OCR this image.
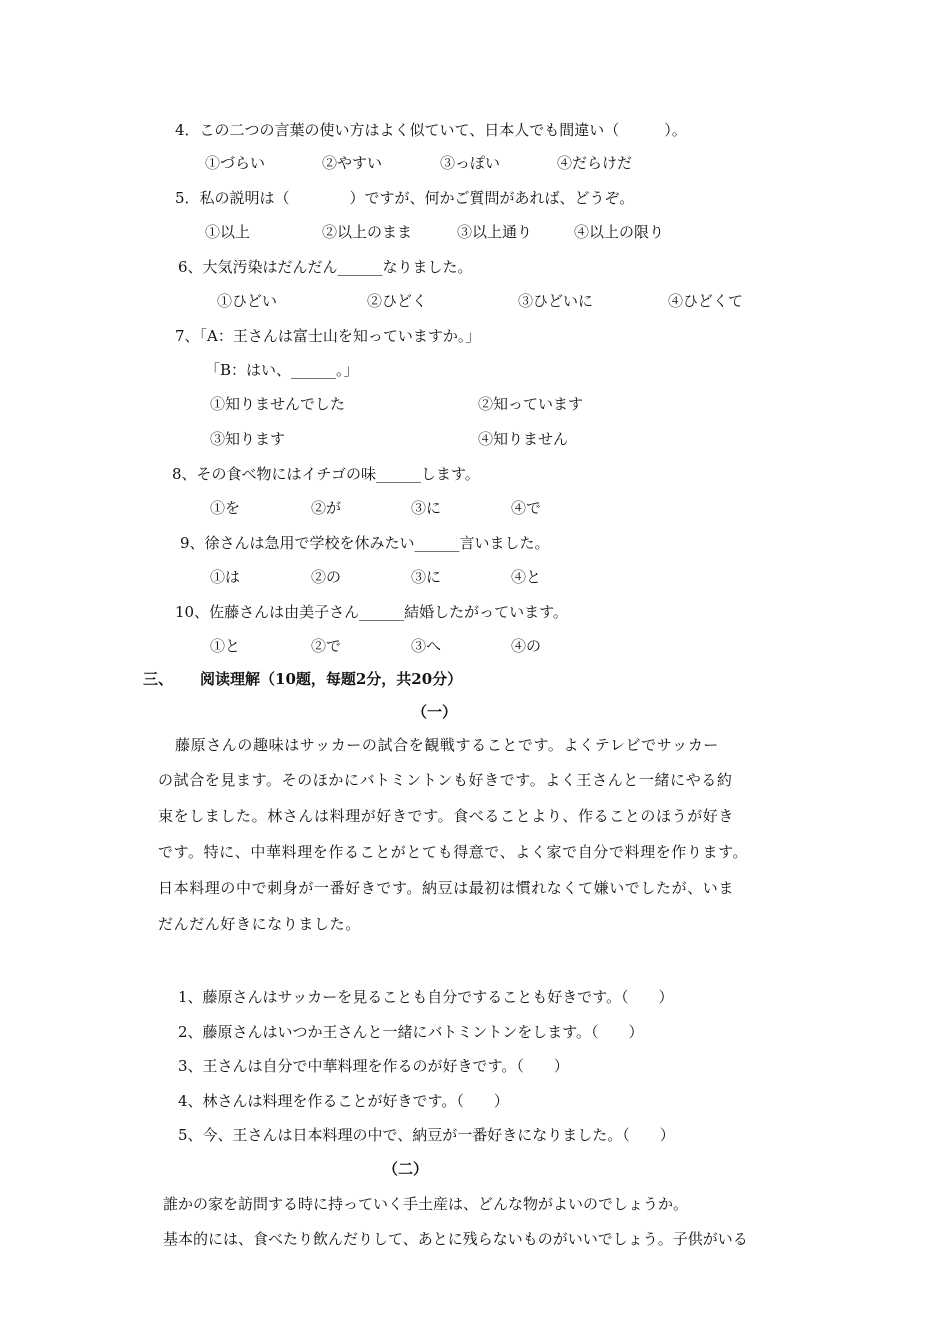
4．この二つの言葉の使い方はよく似ていて、日本人でも間違い（　　　）。
①づらい	②やすい	③っぽい	④だらけだ
5．私の説明は（　　　　）ですが、何かご質問があれば、どうぞ。
①以上	②以上のまま	③以上通り	④以上の限り
6、大気汚染はだんだん______なりました。
①ひどい	②ひどく	③ひどいに	④ひどくて
7、「A：王さんは富士山を知っていますか。」
「B：はい、______。」
①知りませんでした	②知っています
③知ります	④知りません
8、その食べ物にはイチゴの味______します。
①を	②が	③に	④で
9、徐さんは急用で学校を休みたい______言いました。
①は	②の	③に	④と
10、佐藤さんは由美子さん______結婚したがっています。
①と	②で	③へ	④の
三、 阅读理解（10题，每题2分，共20分）
（一）
藤原さんの趣味はサッカーの試合を観戦することです。よくテレビでサッカー
の試合を見ます。そのほかにバトミントンも好きです。よく王さんと一緒にやる約
束をしました。林さんは料理が好きです。食べることより、作ることのほうが好き
です。特に、中華料理を作ることがとても得意で、よく家で自分で料理を作ります。
日本料理の中で刺身が一番好きです。納豆は最初は慣れなくて嫌いでしたが、いま
だんだん好きになりました。
1、藤原さんはサッカーを見ることも自分ですることも好きです。（　　）
2、藤原さんはいつか王さんと一緒にバトミントンをします。（　　）
3、王さんは自分で中華料理を作るのが好きです。（　　）
4、林さんは料理を作ることが好きです。（　　）
5、今、王さんは日本料理の中で、納豆が一番好きになりました。（　　）
（二）
誰かの家を訪問する時に持っていく手土産は、どんな物がよいのでしょうか。
基本的には、食べたり飲んだりして、あとに残らないものがいいでしょう。子供がいる
